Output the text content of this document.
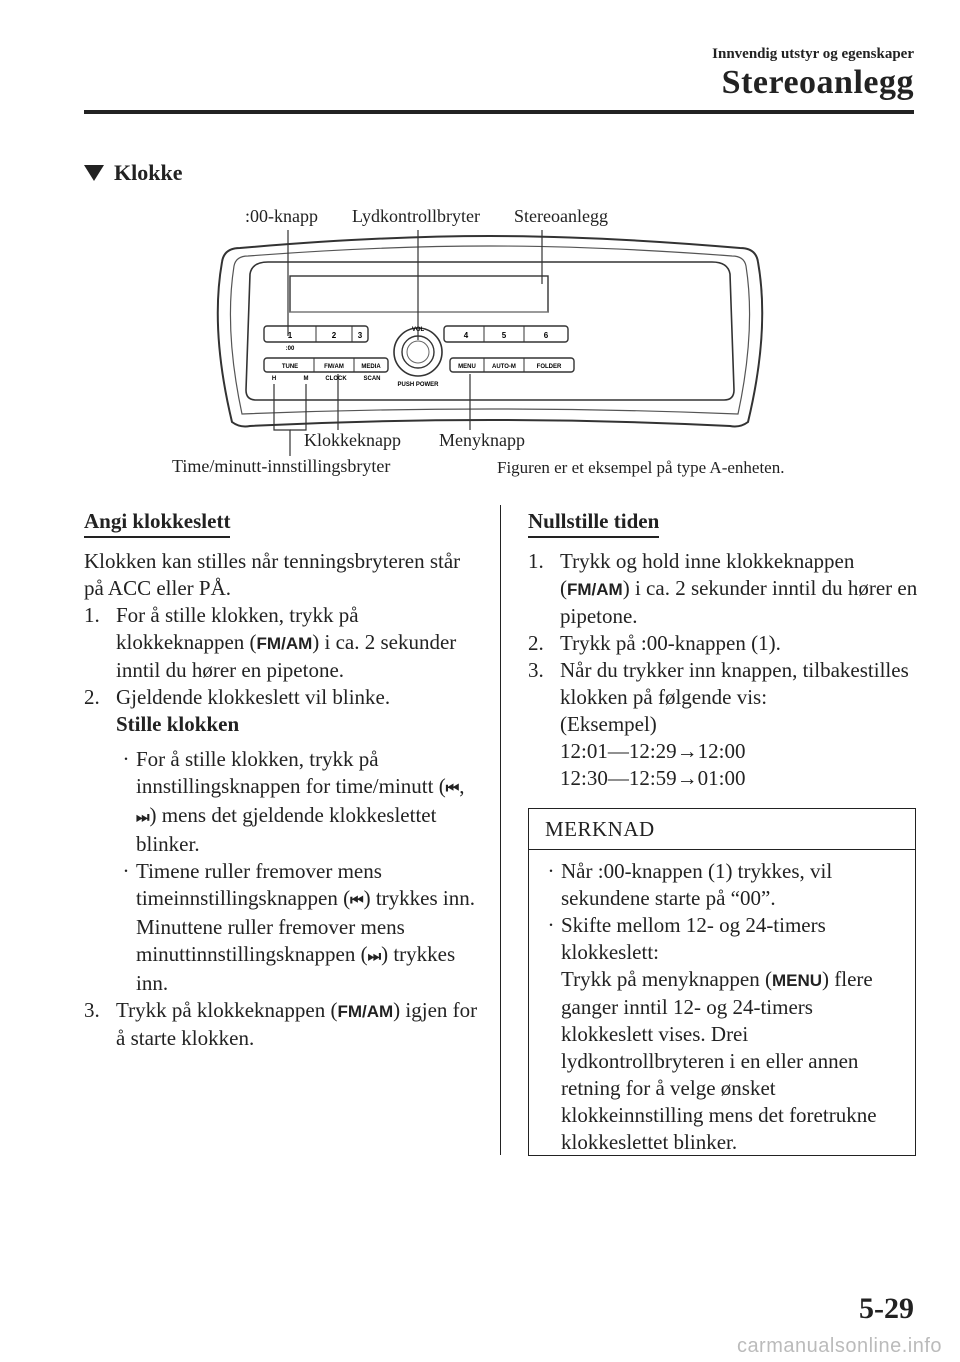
Innvendig utstyr og egenskaper
Stereoanlegg
Klokke
1	2	3
:00
4	5	6
VOL
PUSH POWER
TUNE	FM/AM	MEDIA
H	M	CLOCK	SCAN
MENU	AUTO-M	FOLDER
:00-knapp Lydkontrollbryter Stereoanlegg
Klokkeknapp Menyknapp
Time/minutt-innstillingsbryter	Figuren er et eksempel på type A-enheten.
Angi klokkeslett

Klokken kan stilles når tenningsbryteren står på ACC eller PÅ.

1. For å stille klokken, trykk på klokkeknappen (FM/AM) i ca. 2 sekunder inntil du hører en pipetone.
2. Gjeldende klokkeslett vil blinke.
Stille klokken
· For å stille klokken, trykk på innstillingsknappen for time/minutt (⏮, ⏭) mens det gjeldende klokkeslettet blinker.
· Timene ruller fremover mens timeinnstillingsknappen (⏮) trykkes inn. Minuttene ruller fremover mens minuttinnstillingsknappen (⏭) trykkes inn.
3. Trykk på klokkeknappen (FM/AM) igjen for å starte klokken.
Nullstille tiden
1. Trykk og hold inne klokkeknappen (FM/AM) i ca. 2 sekunder inntil du hører en pipetone.
2. Trykk på :00-knappen (1).
3. Når du trykker inn knappen, tilbakestilles klokken på følgende vis:
(Eksempel)
12:01―12:29→12:00
12:30―12:59→01:00
MERKNAD
· Når :00-knappen (1) trykkes, vil sekundene starte på “00”.
· Skifte mellom 12- og 24-timers klokkeslett:
Trykk på menyknappen (MENU) flere ganger inntil 12- og 24-timers klokkeslett vises. Drei lydkontrollbryteren i en eller annen retning for å velge ønsket klokkeinnstilling mens det foretrukne klokkeslettet blinker.
5-29
carmanualsonline.info
